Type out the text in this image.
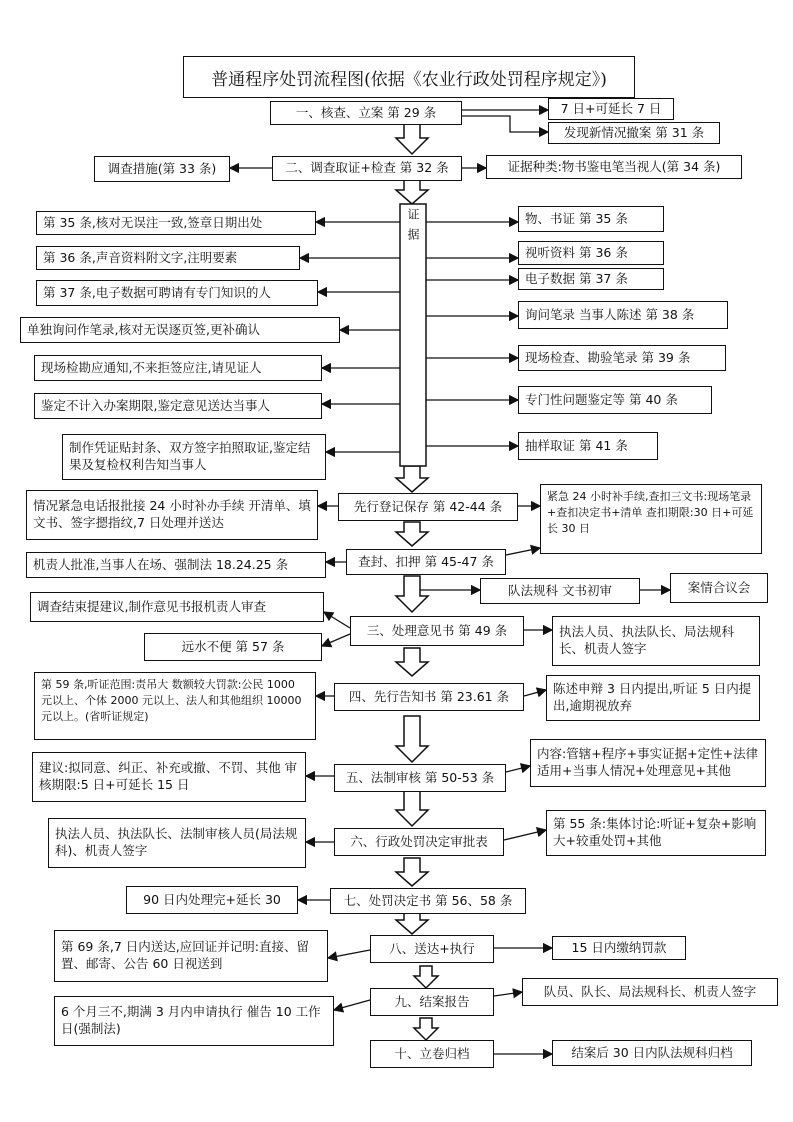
普通程序处罚流程图(依据《农业行政处罚程序规定》)
一、核查、立案 第 29 条
二、调查取证+检查 第 32 条
证据
先行登记保存 第 42-44 条
查封、扣押 第 45-47 条
三、处理意见书 第 49 条
四、先行告知书 第 23.61 条
五、法制审核 第 50-53 条
六、行政处罚决定审批表
七、处罚决定书 第 56、58 条
八、送达+执行
九、结案报告
十、立卷归档
7 日+可延长 7 日
发现新情况撤案 第 31 条
证据种类:物书鉴电笔当视人(第 34 条)
物、书证 第 35 条
视听资料 第 36 条
电子数据 第 37 条
询问笔录 当事人陈述 第 38 条
现场检查、勘验笔录 第 39 条
专门性问题鉴定等 第 40 条
抽样取证 第 41 条
紧急 24 小时补手续,查扣三文书:现场笔录+查扣决定书+清单 查扣期限:30 日+可延长 30 日
队法规科 文书初审	案情合议会
执法人员、执法队长、局法规科长、机责人签字
陈述申辩 3 日内提出,听证 5 日内提出,逾期视放弃
内容:管辖+程序+事实证据+定性+法律适用+当事人情况+处理意见+其他
第 55 条:集体讨论:听证+复杂+影响大+较重处罚+其他
15 日内缴纳罚款
队员、队长、局法规科长、机责人签字
结案后 30 日内队法规科归档
调查措施(第 33 条)
第 35 条,核对无误注一致,签章日期出处
第 36 条,声音资料附文字,注明要素
第 37 条,电子数据可聘请有专门知识的人
单独询问作笔录,核对无误逐页签,更补确认
现场检勘应通知,不来拒签应注,请见证人
鉴定不计入办案期限,鉴定意见送达当事人
制作凭证贴封条、双方签字拍照取证,鉴定结果及复检权利告知当事人
情况紧急电话报批接 24 小时补办手续 开清单、填文书、签字摁指纹,7 日处理并送达
机责人批准,当事人在场、强制法 18.24.25 条
调查结束提建议,制作意见书报机责人审查
远水不便 第 57 条
第 59 条,听证范围:责吊大 数额较大罚款:公民 1000 元以上、个体 2000 元以上、法人和其他组织 10000 元以上。(省听证规定)
建议:拟同意、纠正、补充或撤、不罚、其他 审核期限:5 日+可延长 15 日
执法人员、执法队长、法制审核人员(局法规科)、机责人签字
90 日内处理完+延长 30
第 69 条,7 日内送达,应回证并记明:直接、留置、邮寄、公告 60 日视送到
6 个月三不,期满 3 月内申请执行 催告 10 工作日(强制法)
